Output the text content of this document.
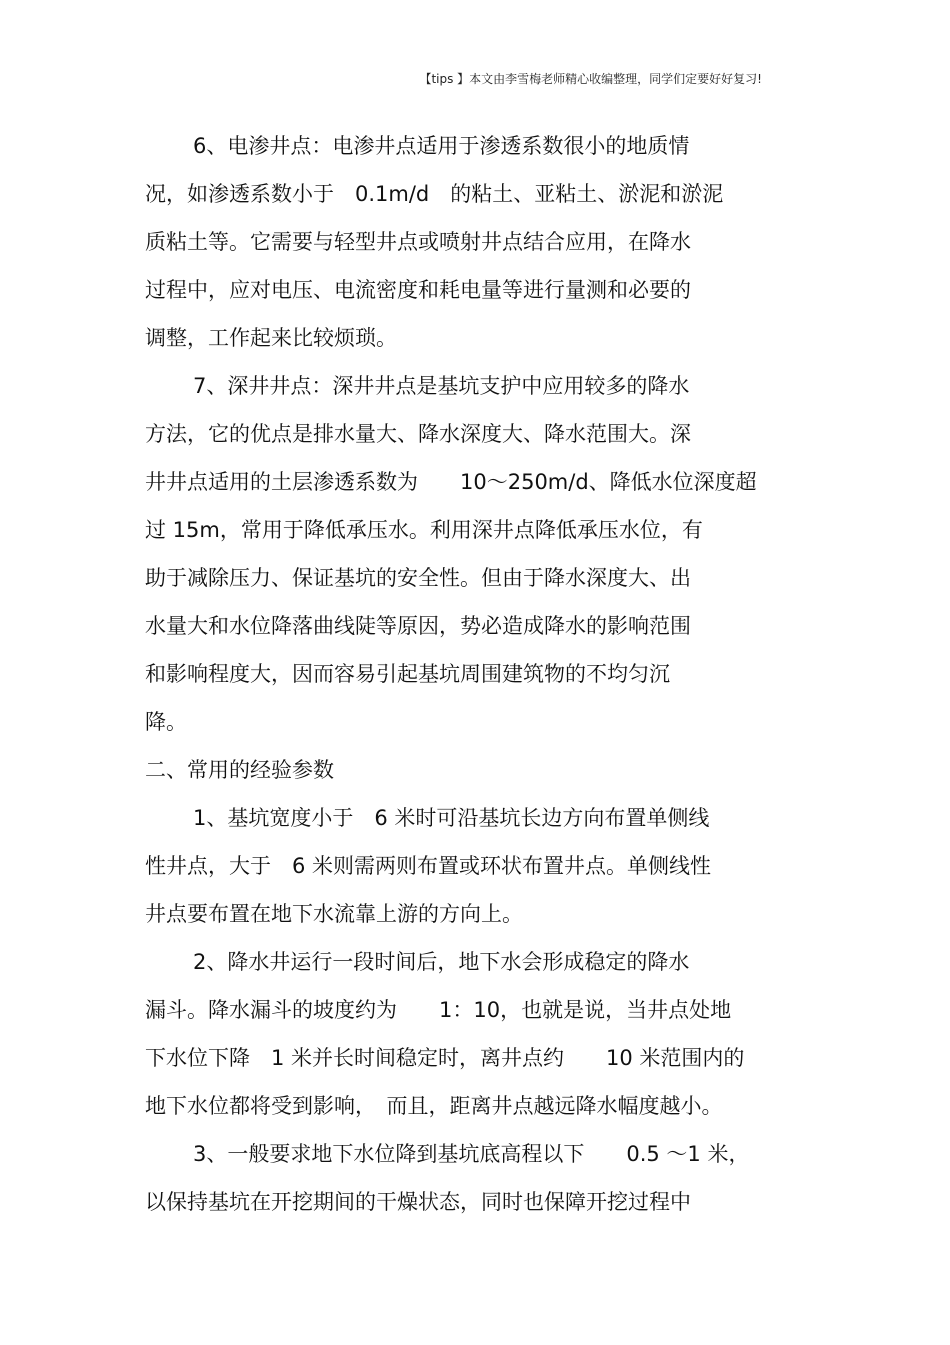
【tips 】本文由李雪梅老师精心收编整理，同学们定要好好复习!
6、电渗井点：电渗井点适用于渗透系数很小的地质情
况，如渗透系数小于　0.1m/d　的粘土、亚粘土、淤泥和淤泥
质粘土等。它需要与轻型井点或喷射井点结合应用，在降水
过程中，应对电压、电流密度和耗电量等进行量测和必要的
调整，工作起来比较烦琐。
7、深井井点：深井井点是基坑支护中应用较多的降水
方法，它的优点是排水量大、降水深度大、降水范围大。深
井井点适用的土层渗透系数为　　10～250m/d、降低水位深度超
过 15m，常用于降低承压水。利用深井点降低承压水位，有
助于减除压力、保证基坑的安全性。但由于降水深度大、出
水量大和水位降落曲线陡等原因，势必造成降水的影响范围
和影响程度大，因而容易引起基坑周围建筑物的不均匀沉
降。
二、常用的经验参数
1、基坑宽度小于　6 米时可沿基坑长边方向布置单侧线
性井点，大于　6 米则需两则布置或环状布置井点。单侧线性
井点要布置在地下水流靠上游的方向上。
2、降水井运行一段时间后，地下水会形成稳定的降水
漏斗。降水漏斗的坡度约为　　1：10，也就是说，当井点处地
下水位下降　1 米并长时间稳定时，离井点约　　10 米范围内的
地下水位都将受到影响，　而且，距离井点越远降水幅度越小。
3、一般要求地下水位降到基坑底高程以下　　0.5 ～1 米，
以保持基坑在开挖期间的干燥状态，同时也保障开挖过程中
